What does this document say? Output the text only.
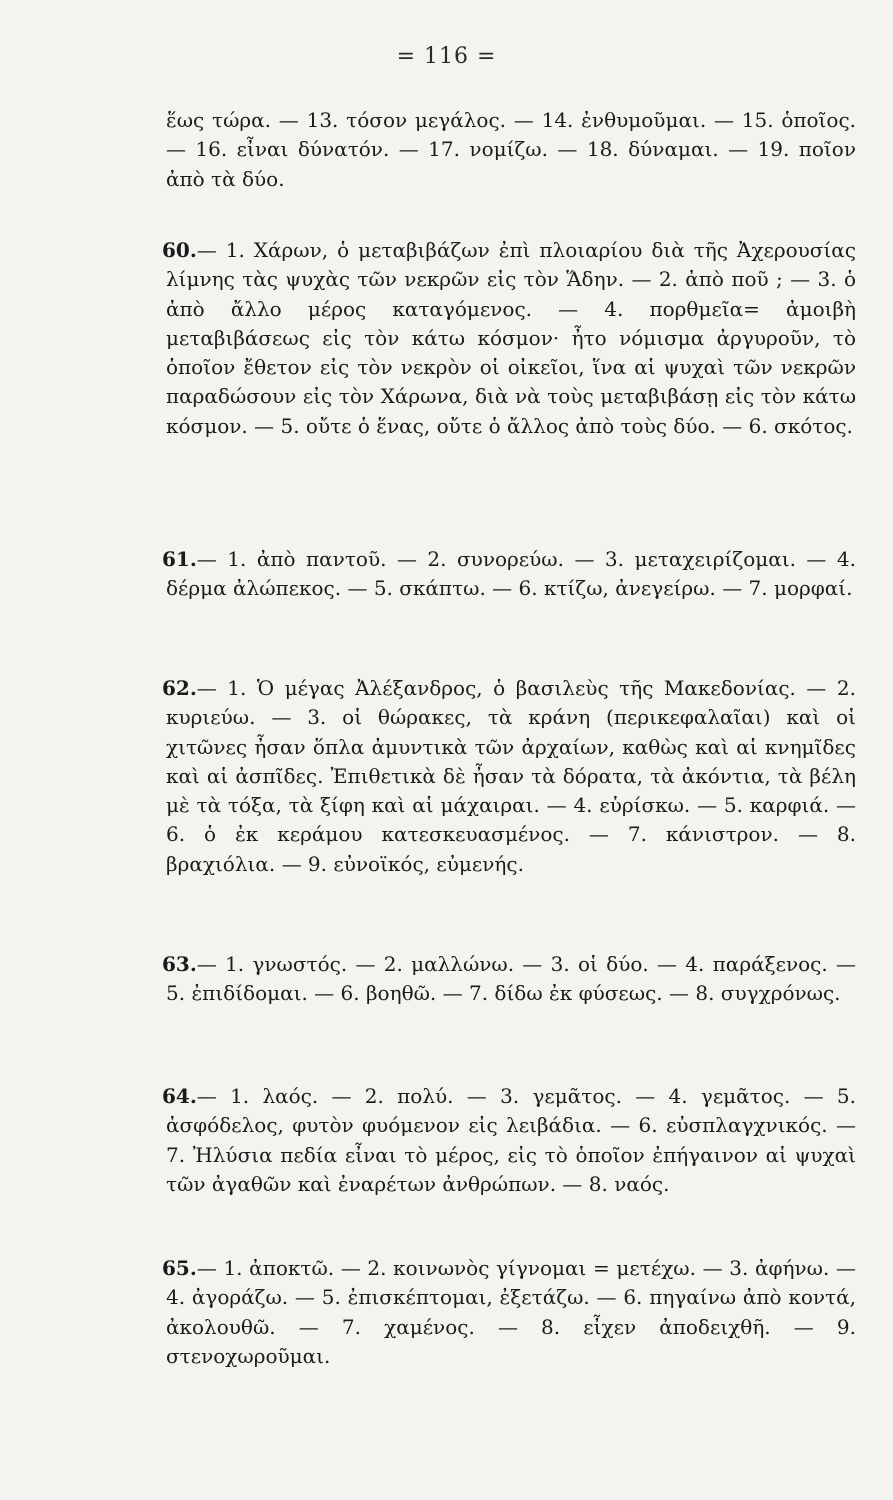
= 116 =
ἕως τώρα. — 13. τόσον μεγάλος. — 14. ἐνθυμοῦμαι. — 15. ὁποῖος. — 16. εἶναι δύνατόν. — 17. νομίζω. — 18. δύναμαι. — 19. ποῖον ἀπὸ τὰ δύο.
60.— 1. Χάρων, ὁ μεταβιβάζων ἐπὶ πλοιαρίου διὰ τῆς Ἀχερουσίας λίμνης τὰς ψυχὰς τῶν νεκρῶν εἰς τὸν Ἅδην. — 2. ἀπὸ ποῦ ; — 3. ὁ ἀπὸ ἄλλο μέρος καταγόμενος. — 4. πορθμεῖα= ἀμοιβὴ μεταβιβάσεως εἰς τὸν κάτω κόσμον· ἦτο νόμισμα ἀργυροῦν, τὸ ὁποῖον ἔθετον εἰς τὸν νεκρὸν οἱ οἰκεῖοι, ἵνα αἱ ψυχαὶ τῶν νεκρῶν παραδώσουν εἰς τὸν Χάρωνα, διὰ νὰ τοὺς μεταβιβάσῃ εἰς τὸν κάτω κόσμον. — 5. οὔτε ὁ ἕνας, οὔτε ὁ ἄλλος ἀπὸ τοὺς δύο. — 6. σκότος.
61.— 1. ἀπὸ παντοῦ. — 2. συνορεύω. — 3. μεταχειρίζομαι. — 4. δέρμα ἀλώπεκος. — 5. σκάπτω. — 6. κτίζω, ἀνεγείρω. — 7. μορφαί.
62.— 1. Ὁ μέγας Ἀλέξανδρος, ὁ βασιλεὺς τῆς Μακεδονίας. — 2. κυριεύω. — 3. οἱ θώρακες, τὰ κράνη (περικεφαλαῖαι) καὶ οἱ χιτῶνες ἦσαν ὅπλα ἀμυντικὰ τῶν ἀρχαίων, καθὼς καὶ αἱ κνημῖδες καὶ αἱ ἀσπῖδες. Ἐπιθετικὰ δὲ ἦσαν τὰ δόρατα, τὰ ἀκόντια, τὰ βέλη μὲ τὰ τόξα, τὰ ξίφη καὶ αἱ μάχαιραι. — 4. εὑρίσκω. — 5. καρφιά. — 6. ὁ ἐκ κεράμου κατεσκευασμένος. — 7. κάνιστρον. — 8. βραχιόλια. — 9. εὐνοϊκός, εὐμενής.
63.— 1. γνωστός. — 2. μαλλώνω. — 3. οἱ δύο. — 4. παράξενος. — 5. ἐπιδίδομαι. — 6. βοηθῶ. — 7. δίδω ἐκ φύσεως. — 8. συγχρόνως.
64.— 1. λαός. — 2. πολύ. — 3. γεμᾶτος. — 4. γεμᾶτος. — 5. ἀσφόδελος, φυτὸν φυόμενον εἰς λειβάδια. — 6. εὐσπλαγχνικός. — 7. Ἠλύσια πεδία εἶναι τὸ μέρος, εἰς τὸ ὁποῖον ἐπήγαινον αἱ ψυχαὶ τῶν ἀγαθῶν καὶ ἐναρέτων ἀνθρώπων. — 8. ναός.
65.— 1. ἀποκτῶ. — 2. κοινωνὸς γίγνομαι = μετέχω. — 3. ἀφήνω. — 4. ἀγοράζω. — 5. ἐπισκέπτομαι, ἐξετάζω. — 6. πηγαίνω ἀπὸ κοντά, ἀκολουθῶ. — 7. χαμένος. — 8. εἶχεν ἀποδειχθῆ. — 9. στενοχωροῦμαι.
